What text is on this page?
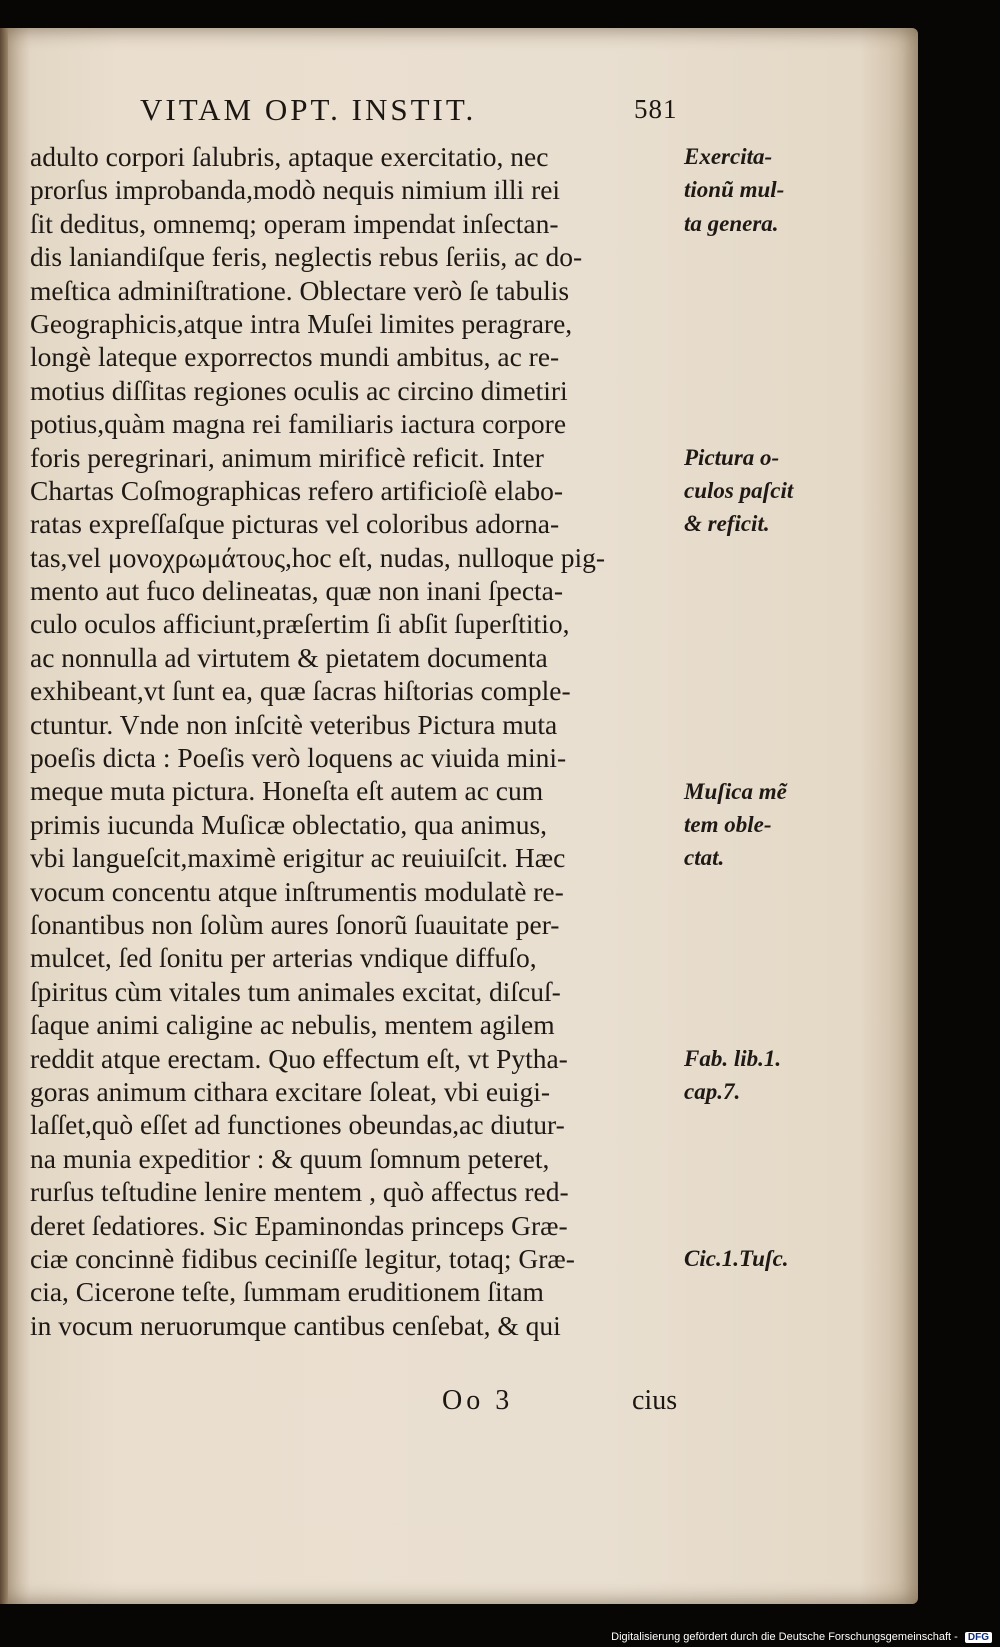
VITAM OPT. INSTIT.	581
adulto corpori ſalubris, aptaque exercitatio, nec
prorſus improbanda,modò nequis nimium illi rei
ſit deditus, omnemq; operam impendat inſectan-
dis laniandiſque feris, neglectis rebus ſeriis, ac do-
meſtica adminiſtratione. Oblectare verò ſe tabulis
Geographicis,atque intra Muſei limites peragrare,
longè lateque exporrectos mundi ambitus, ac re-
motius diſſitas regiones oculis ac circino dimetiri
potius,quàm magna rei familiaris iactura corpore
foris peregrinari, animum mirificè reficit. Inter
Chartas Coſmographicas refero artificioſè elabo-
ratas expreſſaſque picturas vel coloribus adorna-
tas,vel μονοχρωμάτους,hoc eſt, nudas, nulloque pig-
mento aut fuco delineatas, quæ non inani ſpecta-
culo oculos afficiunt,præſertim ſi abſit ſuperſtitio,
ac nonnulla ad virtutem & pietatem documenta
exhibeant,vt ſunt ea, quæ ſacras hiſtorias comple-
ctuntur. Vnde non inſcitè veteribus Pictura muta
poeſis dicta : Poeſis verò loquens ac viuida mini-
meque muta pictura. Honeſta eſt autem ac cum
primis iucunda Muſicæ oblectatio, qua animus,
vbi langueſcit,maximè erigitur ac reuiuiſcit. Hæc
vocum concentu atque inſtrumentis modulatè re-
ſonantibus non ſolùm aures ſonorũ ſuauitate per-
mulcet, ſed ſonitu per arterias vndique diffuſo,
ſpiritus cùm vitales tum animales excitat, diſcuſ-
ſaque animi caligine ac nebulis, mentem agilem
reddit atque erectam. Quo effectum eſt, vt Pytha-
goras animum cithara excitare ſoleat, vbi euigi-
laſſet,quò eſſet ad functiones obeundas,ac diutur-
na munia expeditior : & quum ſomnum peteret,
rurſus teſtudine lenire mentem , quò affectus red-
deret ſedatiores. Sic Epaminondas princeps Græ-
ciæ concinnè fidibus ceciniſſe legitur, totaq; Græ-
cia, Cicerone teſte, ſummam eruditionem ſitam
in vocum neruorumque cantibus cenſebat, & qui
Exercita-
tionũ mul-
ta genera.
Pictura o-
culos paſcit
& reficit.
Muſica mẽ
tem oble-
ctat.
Fab. lib.1.
cap.7.
Cic.1.Tuſc.
Oo 3	cius
Digitalisierung gefördert durch die Deutsche Forschungsgemeinschaft - DFG
